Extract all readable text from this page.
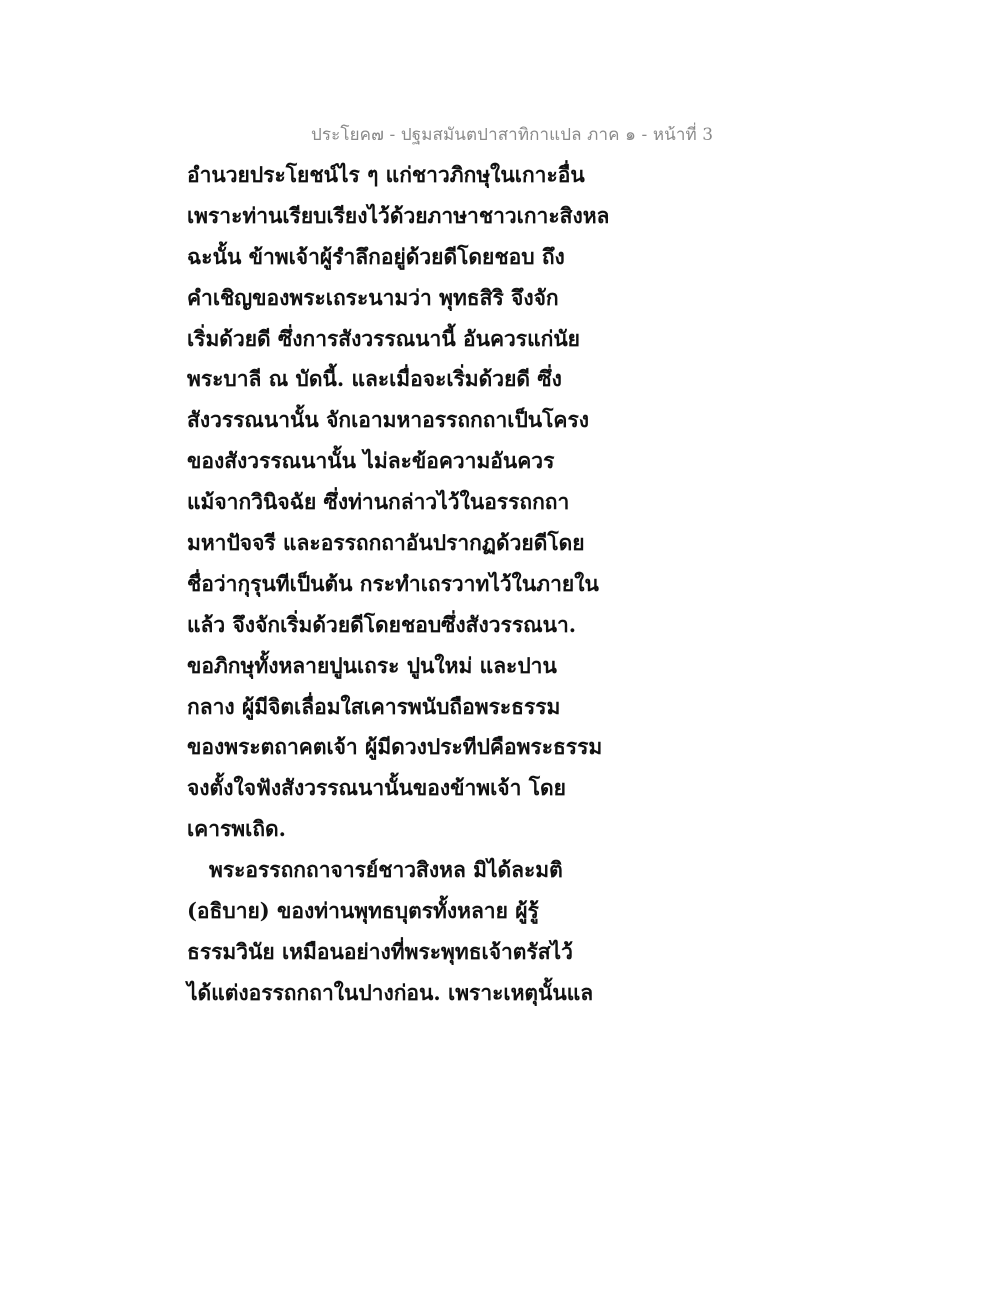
ประโยค๗ - ปฐมสมันตปาสาทิกาแปล ภาค ๑ - หน้าที่ 3
อำนวยประโยชน์ไร ๆ แก่ชาวภิกษุในเกาะอื่น
เพราะท่านเรียบเรียงไว้ด้วยภาษาชาวเกาะสิงหล
ฉะนั้น ข้าพเจ้าผู้รำลึกอยู่ด้วยดีโดยชอบ ถึง
คำเชิญของพระเถระนามว่า พุทธสิริ จึงจัก
เริ่มด้วยดี ซึ่งการสังวรรณนานี้ อันควรแก่นัย
พระบาลี ณ บัดนี้. และเมื่อจะเริ่มด้วยดี ซึ่ง
สังวรรณนานั้น จักเอามหาอรรถกถาเป็นโครง
ของสังวรรณนานั้น ไม่ละข้อความอันควร
แม้จากวินิจฉัย ซึ่งท่านกล่าวไว้ในอรรถกถา
มหาปัจจรี และอรรถกถาอันปรากฏด้วยดีโดย
ชื่อว่ากุรุนทีเป็นต้น กระทำเถรวาทไว้ในภายใน
แล้ว จึงจักเริ่มด้วยดีโดยชอบซึ่งสังวรรณนา.
ขอภิกษุทั้งหลายปูนเถระ ปูนใหม่ และปาน
กลาง ผู้มีจิตเลื่อมใสเคารพนับถือพระธรรม
ของพระตถาคตเจ้า ผู้มีดวงประทีปคือพระธรรม
จงตั้งใจฟังสังวรรณนานั้นของข้าพเจ้า โดย
เคารพเถิด.
พระอรรถกถาจารย์ชาวสิงหล มิได้ละมติ
(อธิบาย) ของท่านพุทธบุตรทั้งหลาย ผู้รู้
ธรรมวินัย เหมือนอย่างที่พระพุทธเจ้าตรัสไว้
ได้แต่งอรรถกถาในปางก่อน. เพราะเหตุนั้นแล
